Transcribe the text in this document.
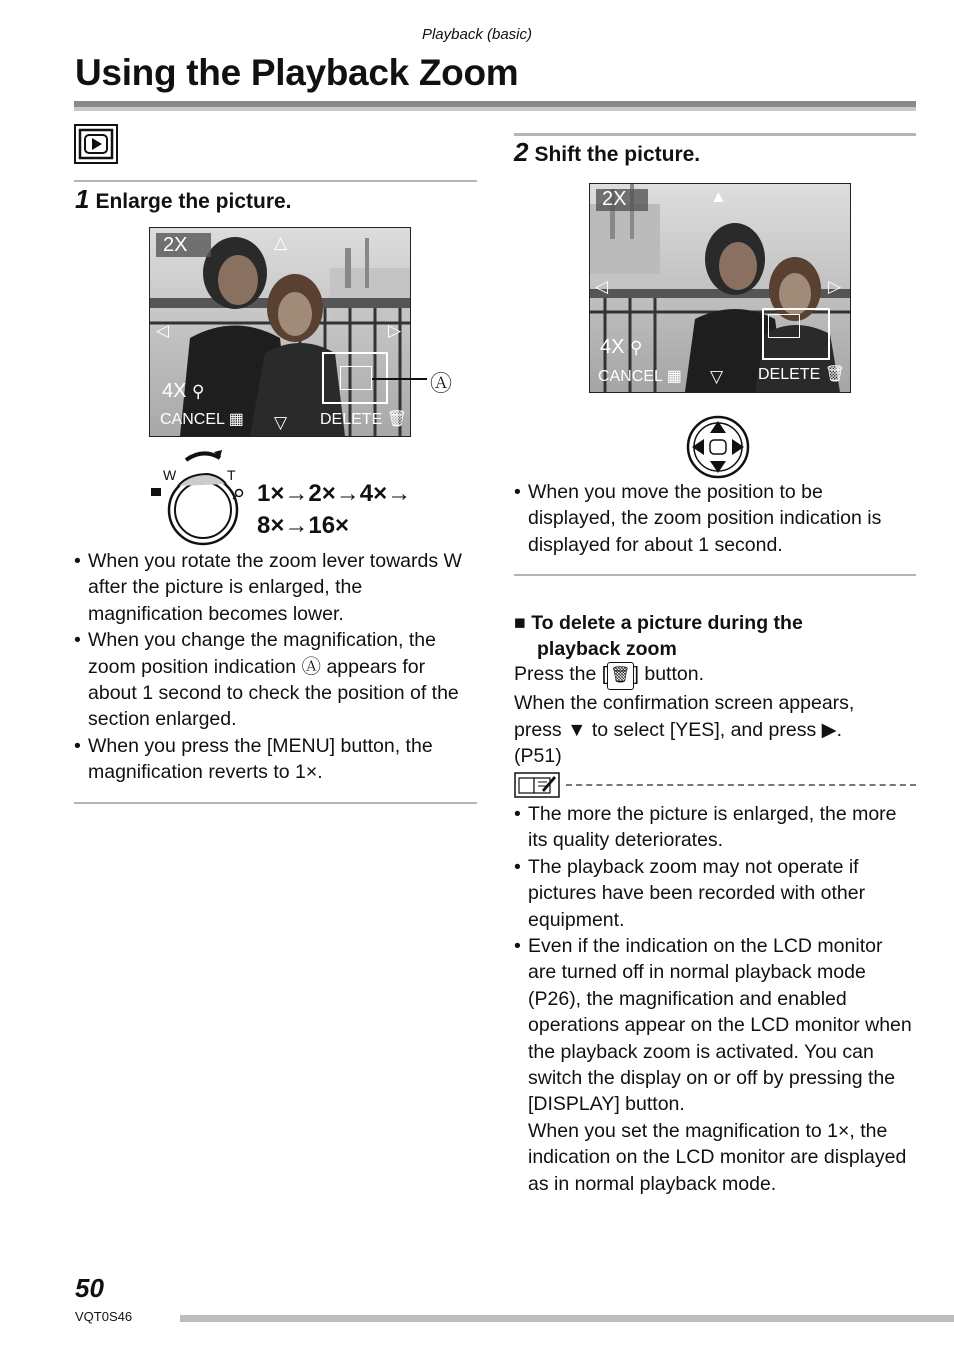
Playback (basic)
Using the Playback Zoom
1 Enlarge the picture.
2X	△
◁	▷
▽
4X ⚲
CANCEL ▦	DELETE 🗑
Ⓐ
W	T
1×→2×→4×→
8×→16×
• When you rotate the zoom lever towards W after the picture is enlarged, the magnification becomes lower.
• When you change the magnification, the zoom position indication Ⓐ appears for about 1 second to check the position of the section enlarged.
• When you press the [MENU] button, the magnification reverts to 1×.
2 Shift the picture.
2X	▲
◁	▷
▽
4X ⚲
CANCEL ▦	DELETE 🗑
• When you move the position to be displayed, the zoom position indication is displayed for about 1 second.
■ To delete a picture during the
playback zoom
Press the [ 🗑 ] button.
When the confirmation screen appears,
press ▼ to select [YES], and press ▶.
(P51)
• The more the picture is enlarged, the more its quality deteriorates.
• The playback zoom may not operate if pictures have been recorded with other equipment.
• Even if the indication on the LCD monitor are turned off in normal playback mode (P26), the magnification and enabled operations appear on the LCD monitor when the playback zoom is activated. You can switch the display on or off by pressing the [DISPLAY] button.
When you set the magnification to 1×, the indication on the LCD monitor are displayed as in normal playback mode.
50
VQT0S46
